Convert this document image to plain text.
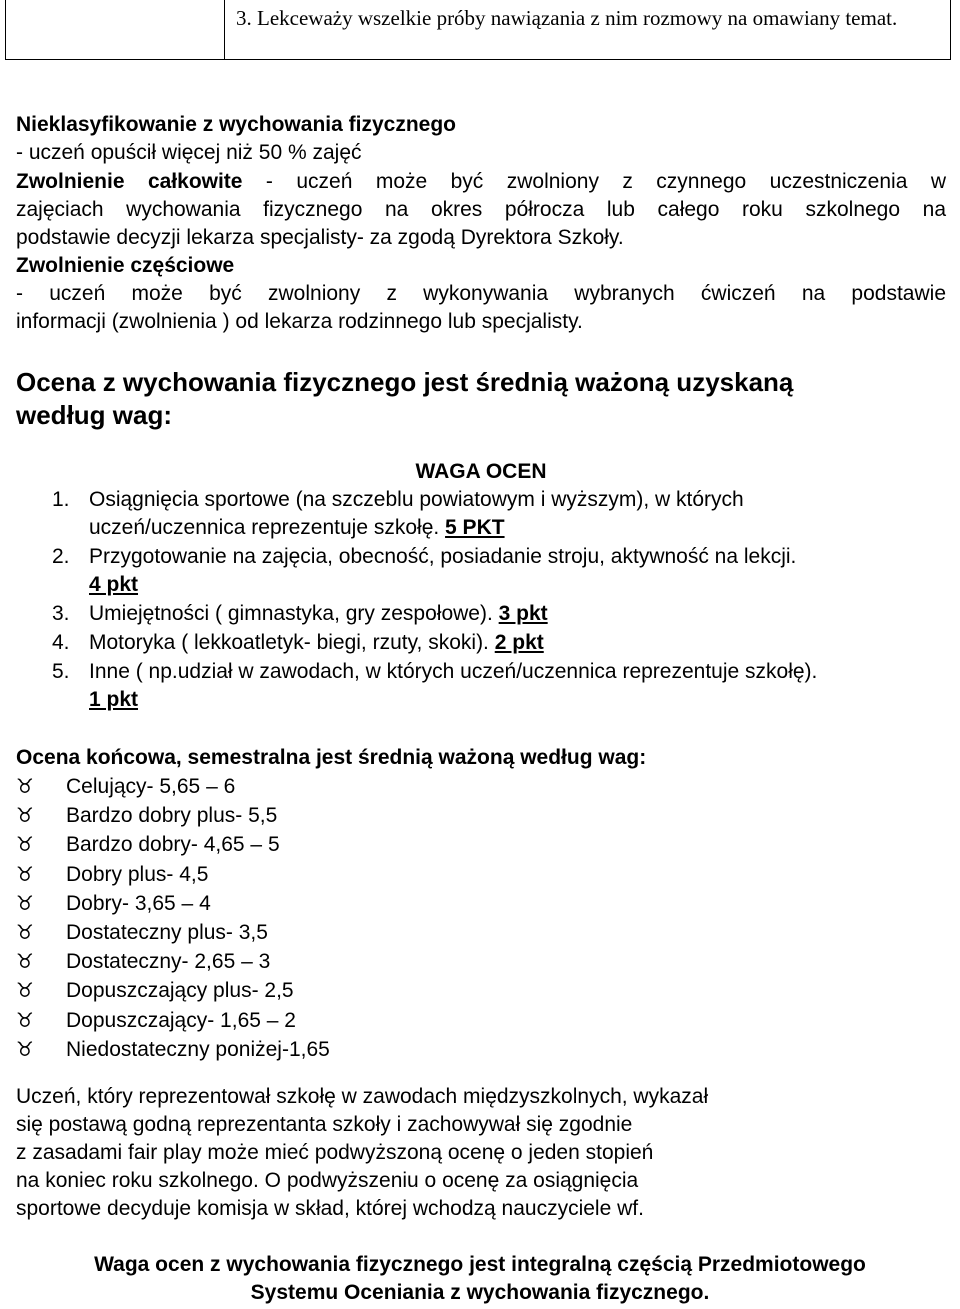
3. Lekceważy wszelkie próby nawiązania z nim rozmowy na omawiany temat.
Nieklasyfikowanie z wychowania fizycznego
- uczeń opuścił więcej niż 50 % zajęć
Zwolnienie całkowite - uczeń może być zwolniony z czynnego uczestniczenia w
zajęciach wychowania fizycznego na okres półrocza lub całego roku szkolnego na
podstawie decyzji lekarza specjalisty- za zgodą Dyrektora Szkoły.
Zwolnienie częściowe
- uczeń może być zwolniony z wykonywania wybranych ćwiczeń na podstawie
informacji (zwolnienia ) od lekarza rodzinnego lub specjalisty.
Ocena z wychowania fizycznego jest średnią ważoną uzyskaną
według wag:
WAGA OCEN
1. Osiągnięcia sportowe (na szczeblu powiatowym i wyższym), w których
uczeń/uczennica reprezentuje szkołę. 5 PKT
2. Przygotowanie na zajęcia, obecność, posiadanie stroju, aktywność na lekcji.
4 pkt
3. Umiejętności ( gimnastyka, gry zespołowe). 3 pkt
4. Motoryka ( lekkoatletyk- biegi, rzuty, skoki). 2 pkt
5. Inne ( np.udział w zawodach, w których uczeń/uczennica reprezentuje szkołę).
1 pkt
Ocena końcowa, semestralna jest średnią ważoną według wag:
♉ Celujący- 5,65 – 6
♉ Bardzo dobry plus- 5,5
♉ Bardzo dobry- 4,65 – 5
♉ Dobry plus- 4,5
♉ Dobry- 3,65 – 4
♉ Dostateczny plus- 3,5
♉ Dostateczny- 2,65 – 3
♉ Dopuszczający plus- 2,5
♉ Dopuszczający- 1,65 – 2
♉ Niedostateczny poniżej-1,65
Uczeń, który reprezentował szkołę w zawodach międzyszkolnych, wykazał
się postawą godną reprezentanta szkoły i zachowywał się zgodnie
z zasadami fair play może mieć podwyższoną ocenę o jeden stopień
na koniec roku szkolnego. O podwyższeniu o ocenę za osiągnięcia
sportowe decyduje komisja w skład, której wchodzą nauczyciele wf.
Waga ocen z wychowania fizycznego jest integralną częścią Przedmiotowego
Systemu Oceniania z wychowania fizycznego.
